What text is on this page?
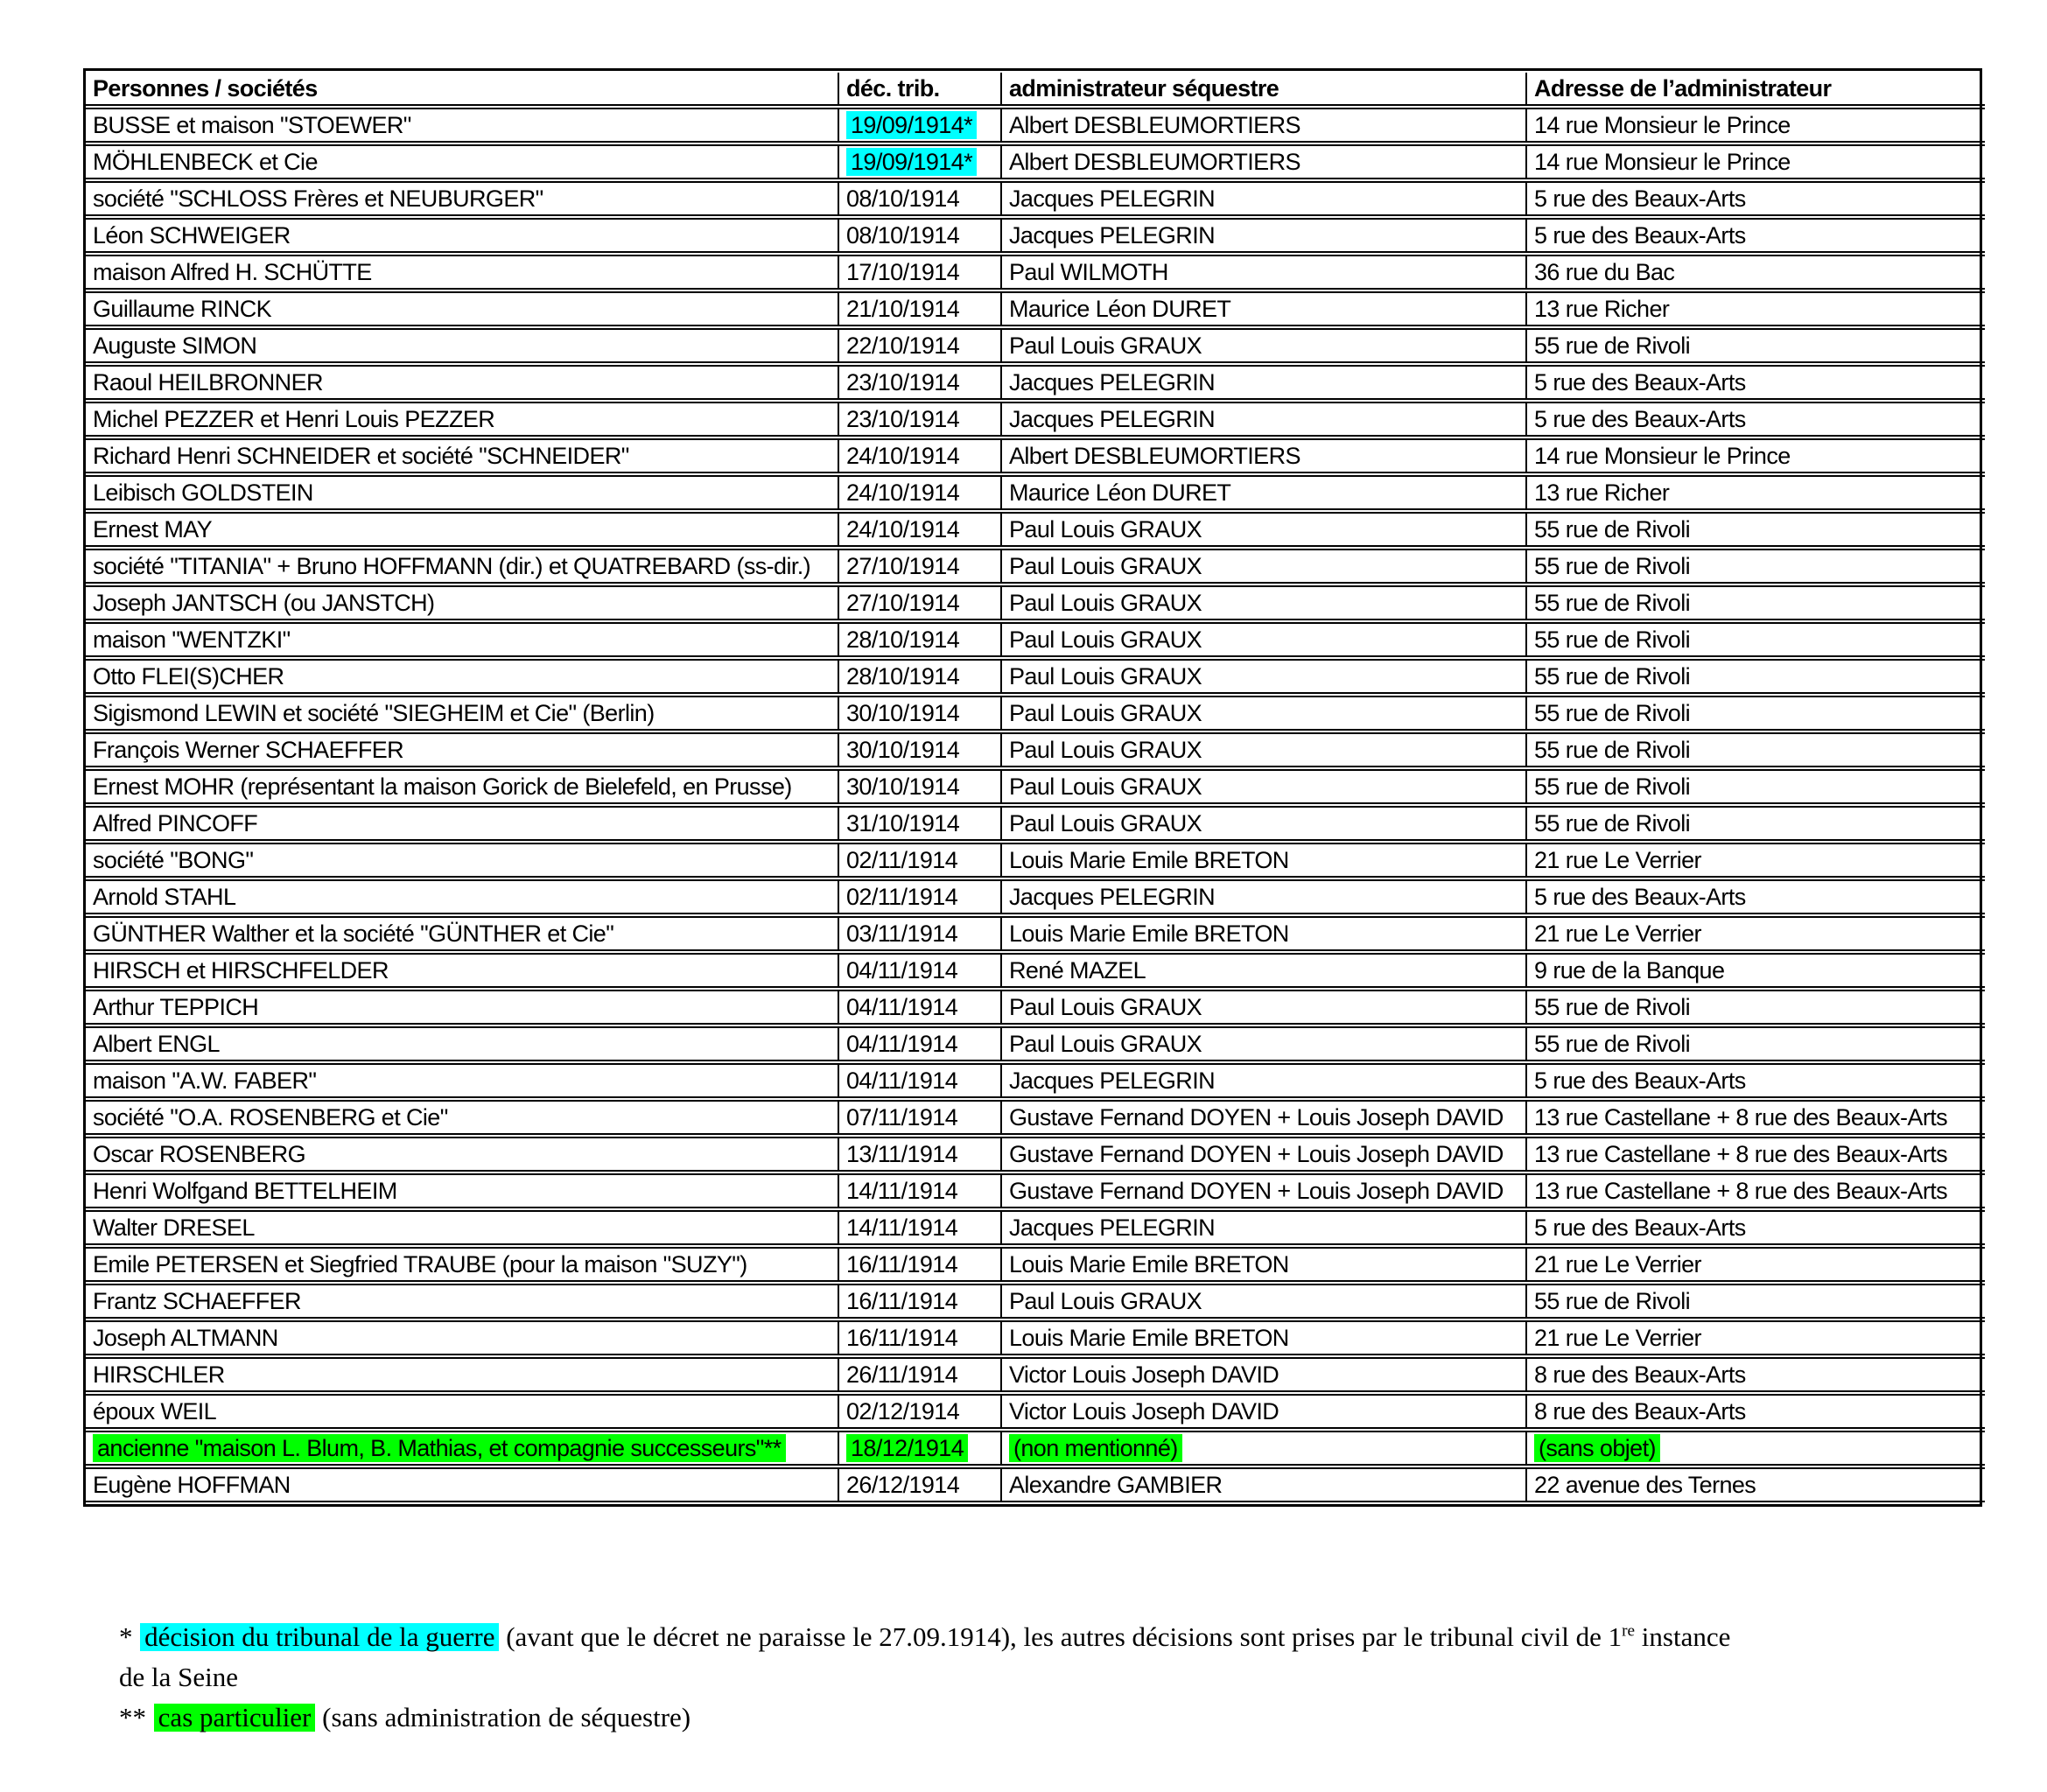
Personnes / sociétés	déc. trib.	administrateur séquestre	Adresse de l’administrateur
BUSSE et maison "STOEWER"	19/09/1914*	Albert DESBLEUMORTIERS	14 rue Monsieur le Prince
MÖHLENBECK et Cie	19/09/1914*	Albert DESBLEUMORTIERS	14 rue Monsieur le Prince
société "SCHLOSS Frères et NEUBURGER"	08/10/1914	Jacques PELEGRIN	5 rue des Beaux-Arts
Léon SCHWEIGER	08/10/1914	Jacques PELEGRIN	5 rue des Beaux-Arts
maison Alfred H. SCHÜTTE	17/10/1914	Paul WILMOTH	36 rue du Bac
Guillaume RINCK	21/10/1914	Maurice Léon DURET	13 rue Richer
Auguste SIMON	22/10/1914	Paul Louis GRAUX	55 rue de Rivoli
Raoul HEILBRONNER	23/10/1914	Jacques PELEGRIN	5 rue des Beaux-Arts
Michel PEZZER et Henri Louis PEZZER	23/10/1914	Jacques PELEGRIN	5 rue des Beaux-Arts
Richard Henri SCHNEIDER et société "SCHNEIDER"	24/10/1914	Albert DESBLEUMORTIERS	14 rue Monsieur le Prince
Leibisch GOLDSTEIN	24/10/1914	Maurice Léon DURET	13 rue Richer
Ernest MAY	24/10/1914	Paul Louis GRAUX	55 rue de Rivoli
société "TITANIA" + Bruno HOFFMANN (dir.) et QUATREBARD (ss-dir.)	27/10/1914	Paul Louis GRAUX	55 rue de Rivoli
Joseph JANTSCH (ou JANSTCH)	27/10/1914	Paul Louis GRAUX	55 rue de Rivoli
maison "WENTZKI"	28/10/1914	Paul Louis GRAUX	55 rue de Rivoli
Otto FLEI(S)CHER	28/10/1914	Paul Louis GRAUX	55 rue de Rivoli
Sigismond LEWIN et société "SIEGHEIM et Cie" (Berlin)	30/10/1914	Paul Louis GRAUX	55 rue de Rivoli
François Werner SCHAEFFER	30/10/1914	Paul Louis GRAUX	55 rue de Rivoli
Ernest MOHR (représentant la maison Gorick de Bielefeld, en Prusse)	30/10/1914	Paul Louis GRAUX	55 rue de Rivoli
Alfred PINCOFF	31/10/1914	Paul Louis GRAUX	55 rue de Rivoli
société "BONG"	02/11/1914	Louis Marie Emile BRETON	21 rue Le Verrier
Arnold STAHL	02/11/1914	Jacques PELEGRIN	5 rue des Beaux-Arts
GÜNTHER Walther et la société "GÜNTHER et Cie"	03/11/1914	Louis Marie Emile BRETON	21 rue Le Verrier
HIRSCH et HIRSCHFELDER	04/11/1914	René MAZEL	9 rue de la Banque
Arthur TEPPICH	04/11/1914	Paul Louis GRAUX	55 rue de Rivoli
Albert ENGL	04/11/1914	Paul Louis GRAUX	55 rue de Rivoli
maison "A.W. FABER"	04/11/1914	Jacques PELEGRIN	5 rue des Beaux-Arts
société "O.A. ROSENBERG et Cie"	07/11/1914	Gustave Fernand DOYEN + Louis Joseph DAVID	13 rue Castellane + 8 rue des Beaux-Arts
Oscar ROSENBERG	13/11/1914	Gustave Fernand DOYEN + Louis Joseph DAVID	13 rue Castellane + 8 rue des Beaux-Arts
Henri Wolfgand BETTELHEIM	14/11/1914	Gustave Fernand DOYEN + Louis Joseph DAVID	13 rue Castellane + 8 rue des Beaux-Arts
Walter DRESEL	14/11/1914	Jacques PELEGRIN	5 rue des Beaux-Arts
Emile PETERSEN et Siegfried TRAUBE (pour la maison "SUZY")	16/11/1914	Louis Marie Emile BRETON	21 rue Le Verrier
Frantz SCHAEFFER	16/11/1914	Paul Louis GRAUX	55 rue de Rivoli
Joseph ALTMANN	16/11/1914	Louis Marie Emile BRETON	21 rue Le Verrier
HIRSCHLER	26/11/1914	Victor Louis Joseph DAVID	8 rue des Beaux-Arts
époux WEIL	02/12/1914	Victor Louis Joseph DAVID	8 rue des Beaux-Arts
ancienne "maison L. Blum, B. Mathias, et compagnie successeurs"**	18/12/1914	(non mentionné)	(sans objet)
Eugène HOFFMAN	26/12/1914	Alexandre GAMBIER	22 avenue des Ternes
* décision du tribunal de la guerre (avant que le décret ne paraisse le 27.09.1914), les autres décisions sont prises par le tribunal civil de 1re instance
de la Seine
** cas particulier (sans administration de séquestre)
